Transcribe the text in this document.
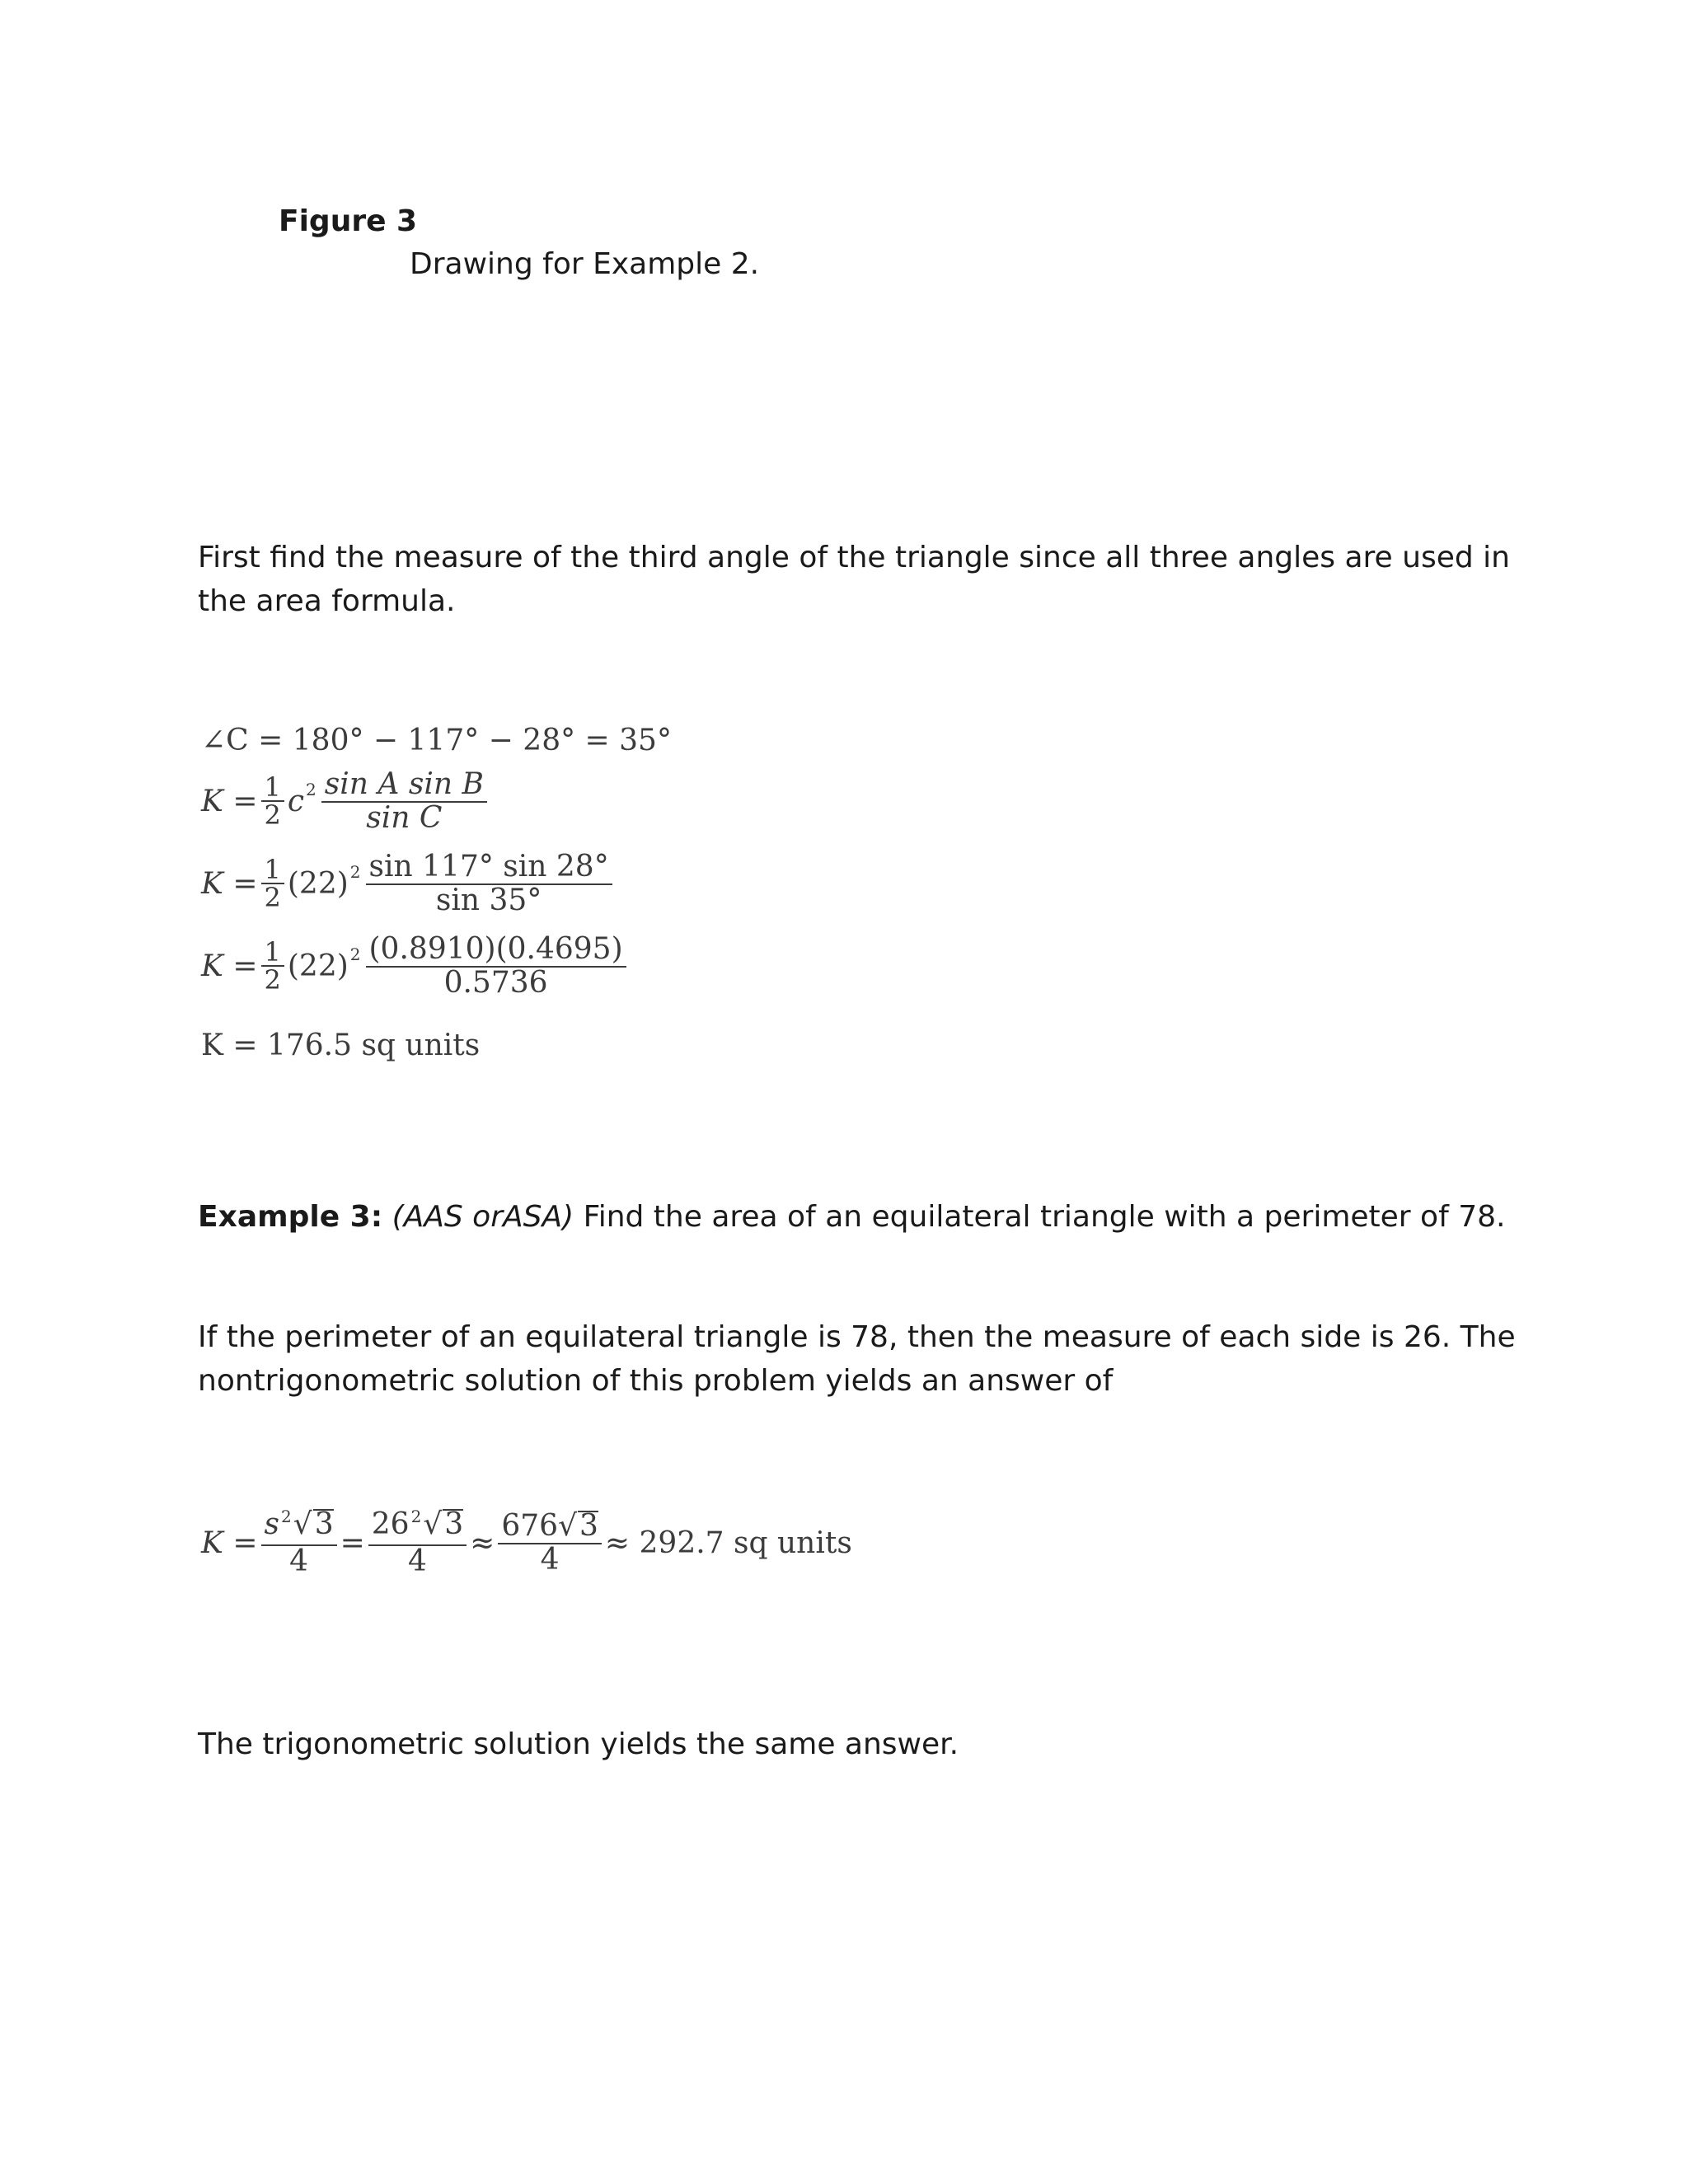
Figure 3

Drawing for Example 2.

First find the measure of the third angle of the triangle since all three angles are used in the area formula.

∠C = 180° − 117° − 28° = 35°
$K = \frac{1}{2}$ c $2 \frac{\text{sin A sin B}}{\text{sin C}}$
$K = \frac{1}{2} (22)$ $2 \frac{\sin 117^\circ \sin 28^\circ}{\sin 35^\circ}$
$K = \frac{1}{2} (22)$ $2 \frac{(0.8910)(0.4695)}{0.5736}$
K = 176.5 sq units

Example 3: (AAS orASA) Find the area of an equilateral triangle with a perimeter of 78.

If the perimeter of an equilateral triangle is 78, then the measure of each side is 26. The nontrigonometric solution of this problem yields an answer of

$K = \frac{s ^2√3}{4} = \frac{26 ^2√3}{4} \approx \frac{676√3}{4} \approx 292.7$ sq units

The trigonometric solution yields the same answer.
